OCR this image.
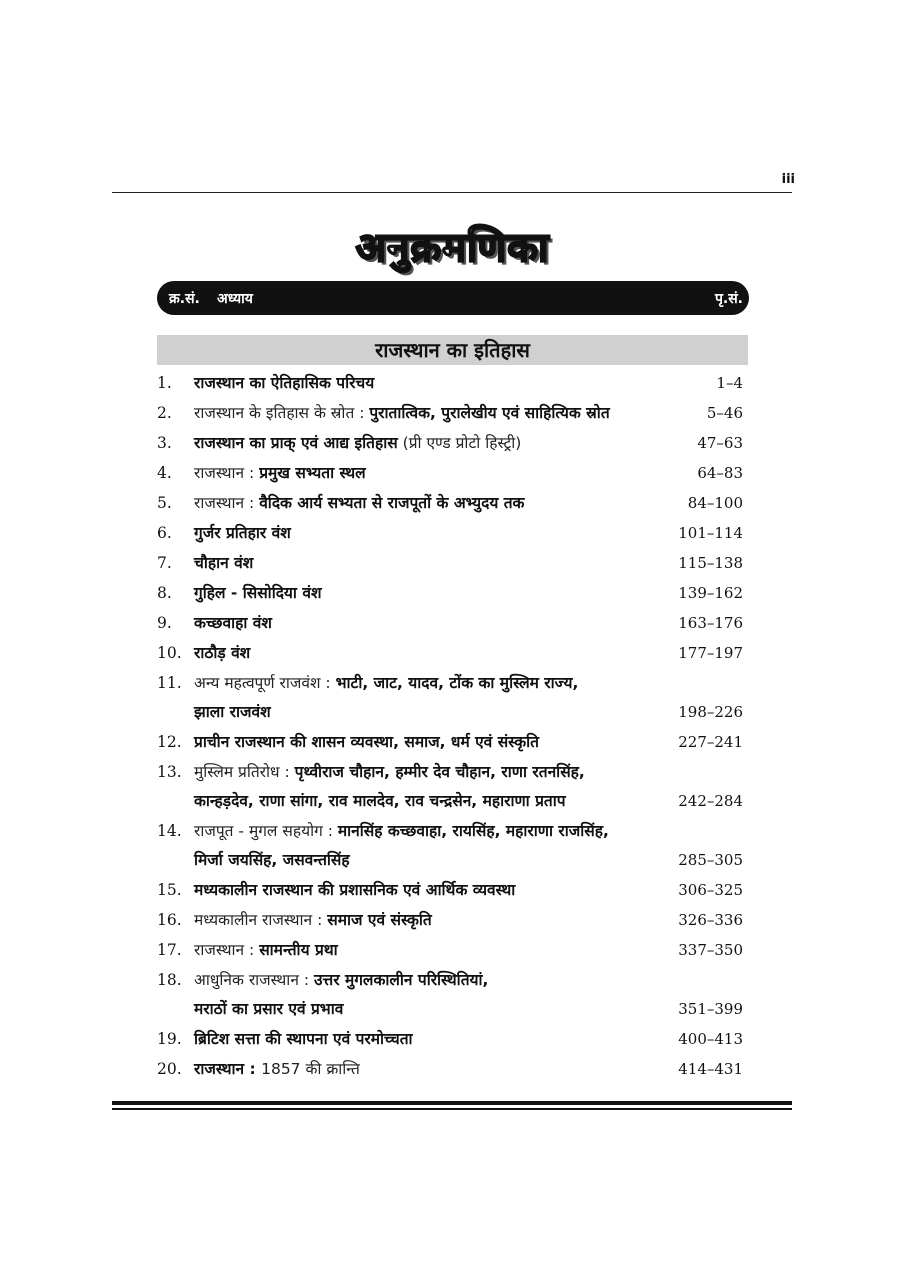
iii
अनुक्रमणिका
क्र.सं. अध्याय	पृ.सं.
राजस्थान का इतिहास
1.	राजस्थान का ऐतिहासिक परिचय	1–4
2.	राजस्थान के इतिहास के स्रोत : पुरातात्विक, पुरालेखीय एवं साहित्यिक स्रोत	5–46
3.	राजस्थान का प्राक् एवं आद्य इतिहास (प्री एण्ड प्रोटो हिस्ट्री)	47–63
4.	राजस्थान : प्रमुख सभ्यता स्थल	64–83
5.	राजस्थान : वैदिक आर्य सभ्यता से राजपूतों के अभ्युदय तक	84–100
6.	गुर्जर प्रतिहार वंश	101–114
7.	चौहान वंश	115–138
8.	गुहिल - सिसोदिया वंश	139–162
9.	कच्छवाहा वंश	163–176
10. राठौड़ वंश	177–197
11. अन्य महत्वपूर्ण राजवंश : भाटी, जाट, यादव, टोंक का मुस्लिम राज्य,
झाला राजवंश	198–226
12. प्राचीन राजस्थान की शासन व्यवस्था, समाज, धर्म एवं संस्कृति	227–241
13. मुस्लिम प्रतिरोध : पृथ्वीराज चौहान, हम्मीर देव चौहान, राणा रतनसिंह,
कान्हड़देव, राणा सांगा, राव मालदेव, राव चन्द्रसेन, महाराणा प्रताप	242–284
14. राजपूत - मुगल सहयोग : मानसिंह कच्छवाहा, रायसिंह, महाराणा राजसिंह,
मिर्जा जयसिंह, जसवन्तसिंह	285–305
15. मध्यकालीन राजस्थान की प्रशासनिक एवं आर्थिक व्यवस्था	306–325
16. मध्यकालीन राजस्थान : समाज एवं संस्कृति	326–336
17. राजस्थान : सामन्तीय प्रथा	337–350
18. आधुनिक राजस्थान : उत्तर मुगलकालीन परिस्थितियां,
मराठों का प्रसार एवं प्रभाव	351–399
19. ब्रिटिश सत्ता की स्थापना एवं परमोच्चता	400–413
20. राजस्थान : 1857 की क्रान्ति	414–431
